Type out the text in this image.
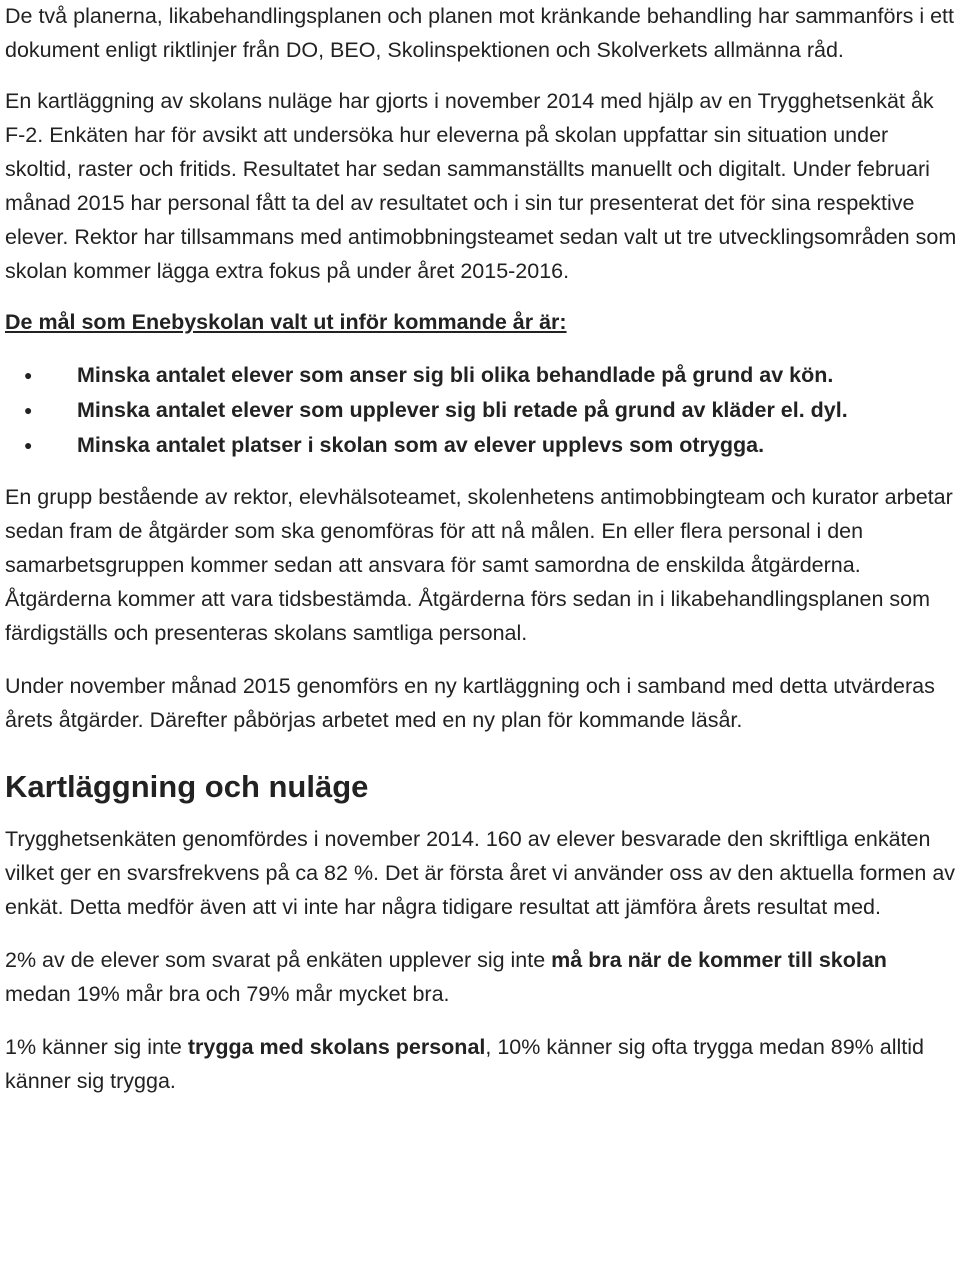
De två planerna, likabehandlingsplanen och planen mot kränkande behandling har sammanförs i ett dokument enligt riktlinjer från DO, BEO, Skolinspektionen och Skolverkets allmänna råd.

En kartläggning av skolans nuläge har gjorts i november 2014 med hjälp av en Trygghetsenkät åk F-2. Enkäten har för avsikt att undersöka hur eleverna på skolan uppfattar sin situation under skoltid, raster och fritids. Resultatet har sedan sammanställts manuellt och digitalt. Under februari månad 2015 har personal fått ta del av resultatet och i sin tur presenterat det för sina respektive elever. Rektor har tillsammans med antimobbningsteamet sedan valt ut tre utvecklingsområden som skolan kommer lägga extra fokus på under året 2015-2016.

De mål som Enebyskolan valt ut inför kommande år är:

● Minska antalet elever som anser sig bli olika behandlade på grund av kön.
● Minska antalet elever som upplever sig bli retade på grund av kläder el. dyl.
● Minska antalet platser i skolan som av elever upplevs som otrygga.

En grupp bestående av rektor, elevhälsoteamet, skolenhetens antimobbingteam och kurator arbetar sedan fram de åtgärder som ska genomföras för att nå målen. En eller flera personal i den samarbetsgruppen kommer sedan att ansvara för samt samordna de enskilda åtgärderna. Åtgärderna kommer att vara tidsbestämda. Åtgärderna förs sedan in i likabehandlingsplanen som färdigställs och presenteras skolans samtliga personal.

Under november månad 2015 genomförs en ny kartläggning och i samband med detta utvärderas årets åtgärder. Därefter påbörjas arbetet med en ny plan för kommande läsår.

Kartläggning och nuläge

Trygghetsenkäten genomfördes i november 2014. 160 av elever besvarade den skriftliga enkäten vilket ger en svarsfrekvens på ca 82 %. Det är första året vi använder oss av den aktuella formen av enkät. Detta medför även att vi inte har några tidigare resultat att jämföra årets resultat med.

2% av de elever som svarat på enkäten upplever sig inte må bra när de kommer till skolan medan 19% mår bra och 79% mår mycket bra.

1% känner sig inte trygga med skolans personal, 10% känner sig ofta trygga medan 89% alltid känner sig trygga.
